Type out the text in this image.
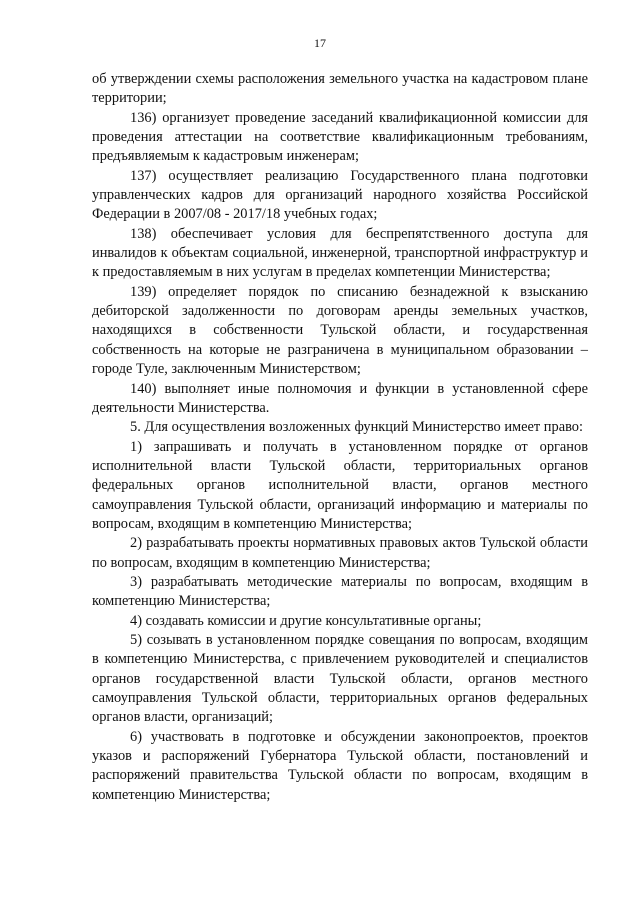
17

об утверждении схемы расположения земельного участка на кадастровом плане территории;

136) организует проведение заседаний квалификационной комиссии для проведения аттестации на соответствие квалификационным требованиям, предъявляемым к кадастровым инженерам;

137) осуществляет реализацию Государственного плана подготовки управленческих кадров для организаций народного хозяйства Российской Федерации в 2007/08 - 2017/18 учебных годах;

138) обеспечивает условия для беспрепятственного доступа для инвалидов к объектам социальной, инженерной, транспортной инфраструктур и к предоставляемым в них услугам в пределах компетенции Министерства;

139) определяет порядок по списанию безнадежной к взысканию дебиторской задолженности по договорам аренды земельных участков, находящихся в собственности Тульской области, и государственная собственность на которые не разграничена в муниципальном образовании – городе Туле, заключенным Министерством;

140) выполняет иные полномочия и функции в установленной сфере деятельности Министерства.

5. Для осуществления возложенных функций Министерство имеет право:

1) запрашивать и получать в установленном порядке от органов исполнительной власти Тульской области, территориальных органов федеральных органов исполнительной власти, органов местного самоуправления Тульской области, организаций информацию и материалы по вопросам, входящим в компетенцию Министерства;

2) разрабатывать проекты нормативных правовых актов Тульской области по вопросам, входящим в компетенцию Министерства;

3) разрабатывать методические материалы по вопросам, входящим в компетенцию Министерства;

4) создавать комиссии и другие консультативные органы;

5) созывать в установленном порядке совещания по вопросам, входящим в компетенцию Министерства, с привлечением руководителей и специалистов органов государственной власти Тульской области, органов местного самоуправления Тульской области, территориальных органов федеральных органов власти, организаций;

6) участвовать в подготовке и обсуждении законопроектов, проектов указов и распоряжений Губернатора Тульской области, постановлений и распоряжений правительства Тульской области по вопросам, входящим в компетенцию Министерства;
